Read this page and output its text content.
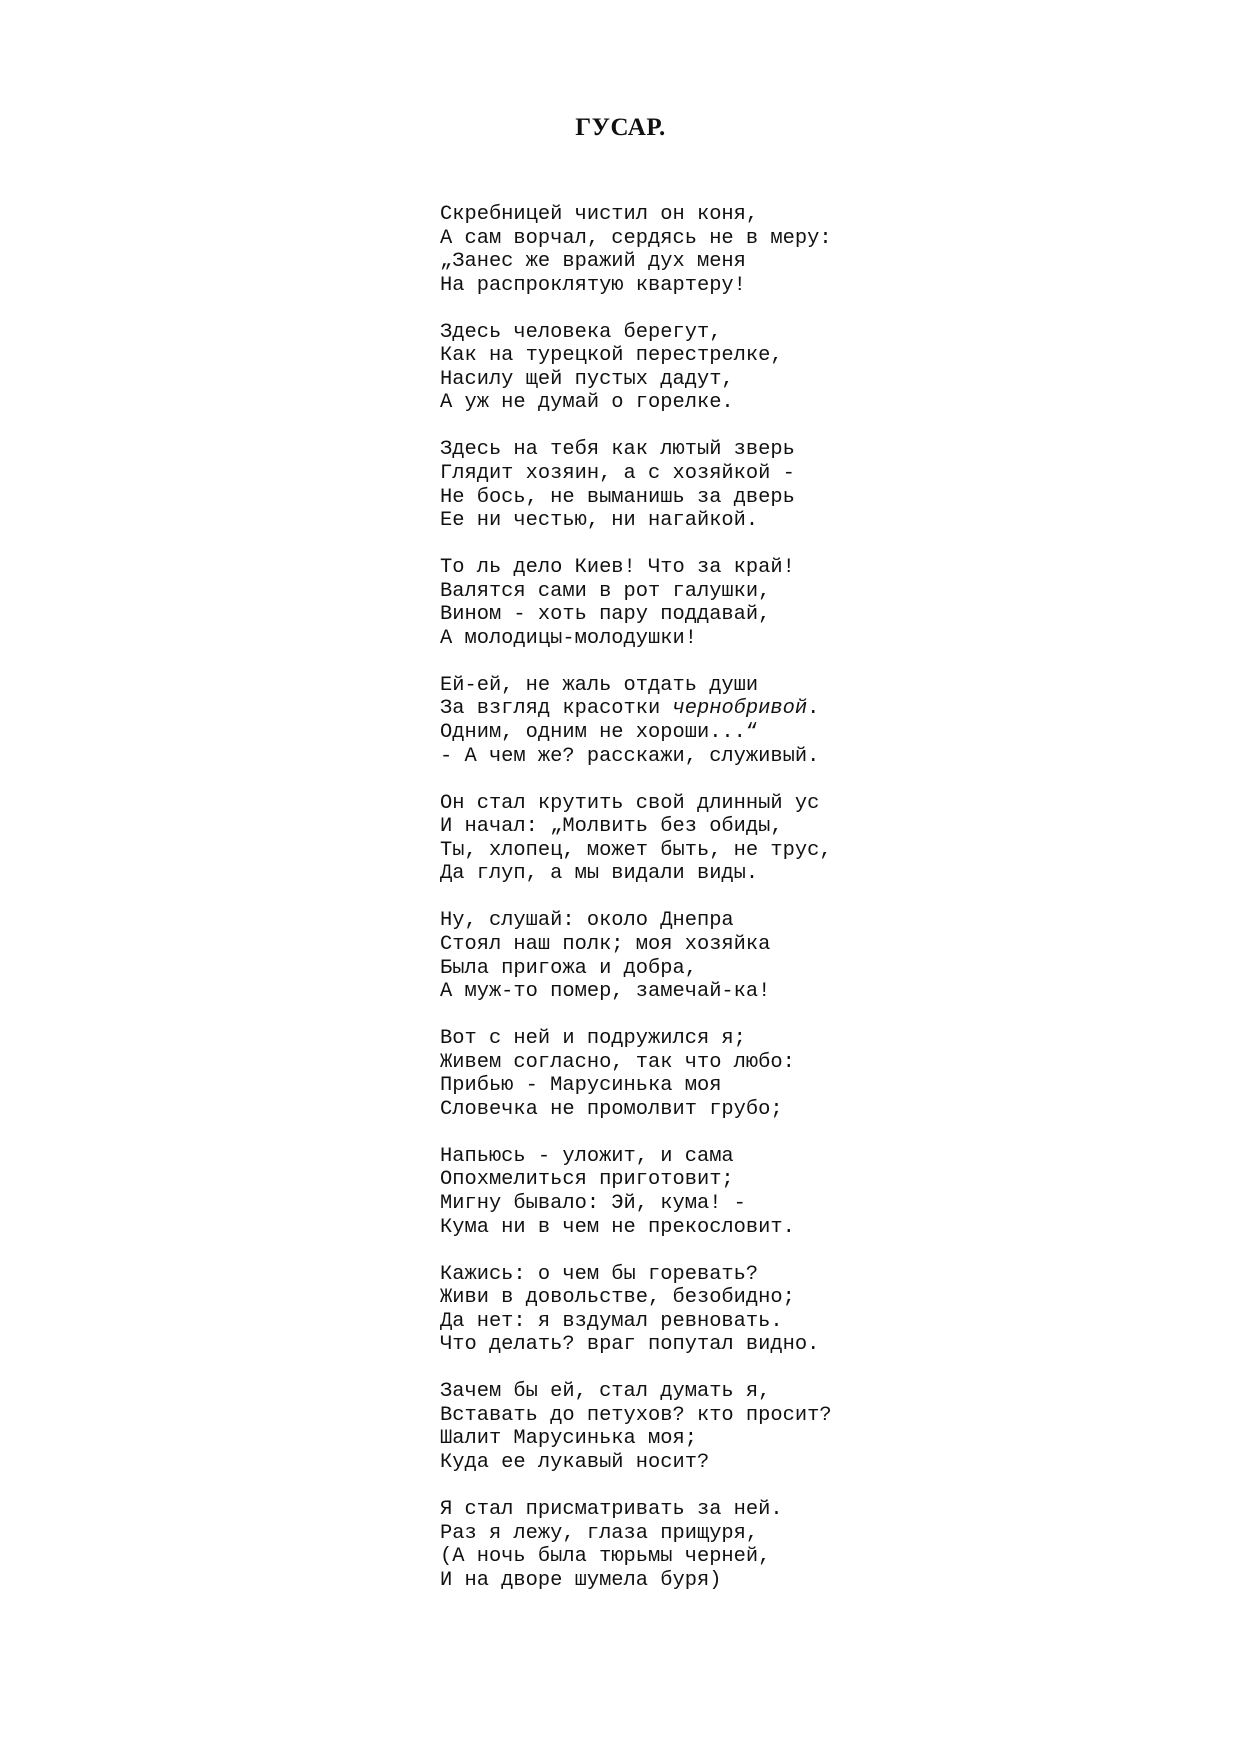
ГУСАР.
Скребницей чистил он коня,
А сам ворчал, сердясь не в меру:
„Занес же вражий дух меня
На распроклятую квартеру!
Здесь человека берегут,
Как на турецкой перестрелке,
Насилу щей пустых дадут,
А уж не думай о горелке.
Здесь на тебя как лютый зверь
Глядит хозяин, а с хозяйкой -
Не бось, не выманишь за дверь
Ее ни честью, ни нагайкой.
То ль дело Киев! Что за край!
Валятся сами в рот галушки,
Вином - хоть пару поддавай,
А молодицы-молодушки!
Ей-ей, не жаль отдать души
За взгляд красотки чернобривой.
Одним, одним не хороши...“
- А чем же? расскажи, служивый.
Он стал крутить свой длинный ус
И начал: „Молвить без обиды,
Ты, хлопец, может быть, не трус,
Да глуп, а мы видали виды.
Ну, слушай: около Днепра
Стоял наш полк; моя хозяйка
Была пригожа и добра,
А муж-то помер, замечай-ка!
Вот с ней и подружился я;
Живем согласно, так что любо:
Прибью - Марусинька моя
Словечка не промолвит грубо;
Напьюсь - уложит, и сама
Опохмелиться приготовит;
Мигну бывало: Эй, кума! -
Кума ни в чем не прекословит.
Кажись: о чем бы горевать?
Живи в довольстве, безобидно;
Да нет: я вздумал ревновать.
Что делать? враг попутал видно.
Зачем бы ей, стал думать я,
Вставать до петухов? кто просит?
Шалит Марусинька моя;
Куда ее лукавый носит?
Я стал присматривать за ней.
Раз я лежу, глаза прищуря,
(А ночь была тюрьмы черней,
И на дворе шумела буря)
